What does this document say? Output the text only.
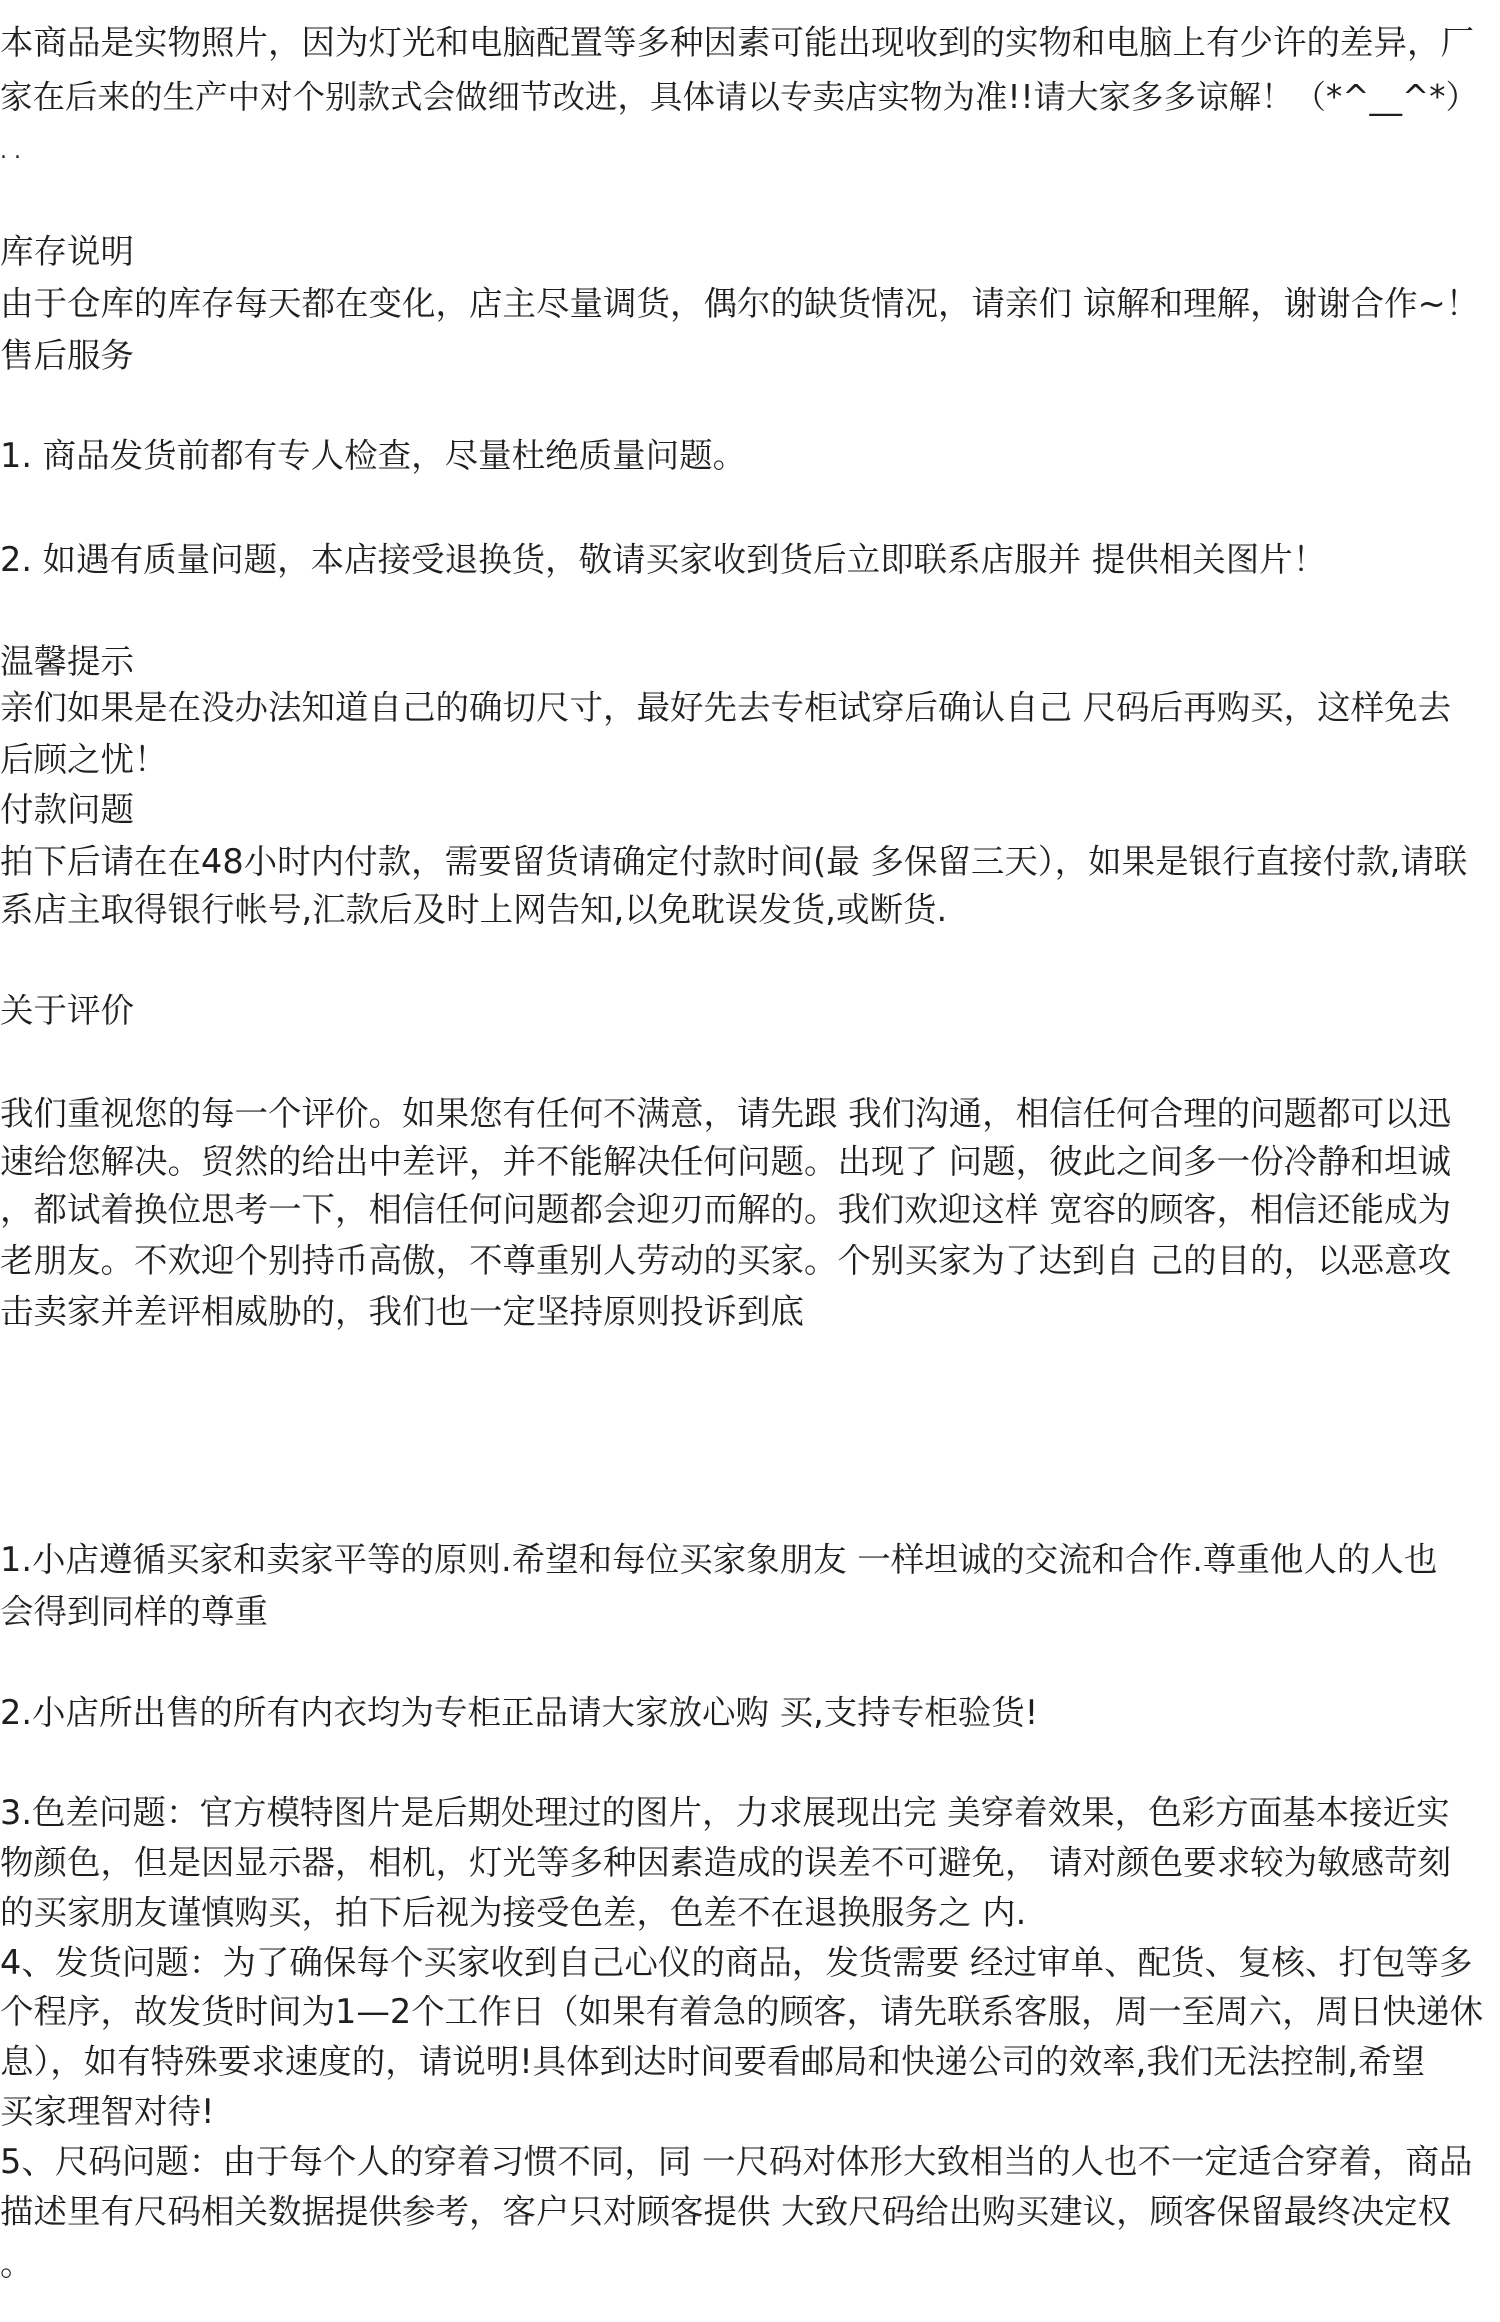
本商品是实物照片，因为灯光和电脑配置等多种因素可能出现收到的实物和电脑上有少许的差异，厂
家在后来的生产中对个别款式会做细节改进，具体请以专卖店实物为准!!请大家多多谅解！（*^__^*）
. .
库存说明
由于仓库的库存每天都在变化，店主尽量调货，偶尔的缺货情况，请亲们 谅解和理解，谢谢合作~！
售后服务
1. 商品发货前都有专人检查，尽量杜绝质量问题。
2. 如遇有质量问题，本店接受退换货，敬请买家收到货后立即联系店服并 提供相关图片！
温馨提示
亲们如果是在没办法知道自己的确切尺寸，最好先去专柜试穿后确认自己 尺码后再购买，这样免去
后顾之忧！
付款问题
拍下后请在在48小时内付款，需要留货请确定付款时间(最 多保留三天），如果是银行直接付款,请联
系店主取得银行帐号,汇款后及时上网告知,以免耽误发货,或断货.
关于评价
我们重视您的每一个评价。如果您有任何不满意，请先跟 我们沟通，相信任何合理的问题都可以迅
速给您解决。贸然的给出中差评，并不能解决任何问题。出现了 问题，彼此之间多一份冷静和坦诚
，都试着换位思考一下，相信任何问题都会迎刃而解的。我们欢迎这样 宽容的顾客，相信还能成为
老朋友。不欢迎个别持币高傲，不尊重别人劳动的买家。个别买家为了达到自 己的目的，以恶意攻
击卖家并差评相威胁的，我们也一定坚持原则投诉到底
1.小店遵循买家和卖家平等的原则.希望和每位买家象朋友 一样坦诚的交流和合作.尊重他人的人也
会得到同样的尊重
2.小店所出售的所有内衣均为专柜正品请大家放心购 买,支持专柜验货!
3.色差问题：官方模特图片是后期处理过的图片，力求展现出完 美穿着效果，色彩方面基本接近实
物颜色，但是因显示器，相机，灯光等多种因素造成的误差不可避免， 请对颜色要求较为敏感苛刻
的买家朋友谨慎购买，拍下后视为接受色差，色差不在退换服务之 内.
4、发货问题：为了确保每个买家收到自己心仪的商品，发货需要 经过审单、配货、复核、打包等多
个程序，故发货时间为1—2个工作日（如果有着急的顾客，请先联系客服，周一至周六，周日快递休
息），如有特殊要求速度的，请说明!具体到达时间要看邮局和快递公司的效率,我们无法控制,希望
买家理智对待!
5、尺码问题：由于每个人的穿着习惯不同，同 一尺码对体形大致相当的人也不一定适合穿着，商品
描述里有尺码相关数据提供参考，客户只对顾客提供 大致尺码给出购买建议，顾客保留最终决定权
。
